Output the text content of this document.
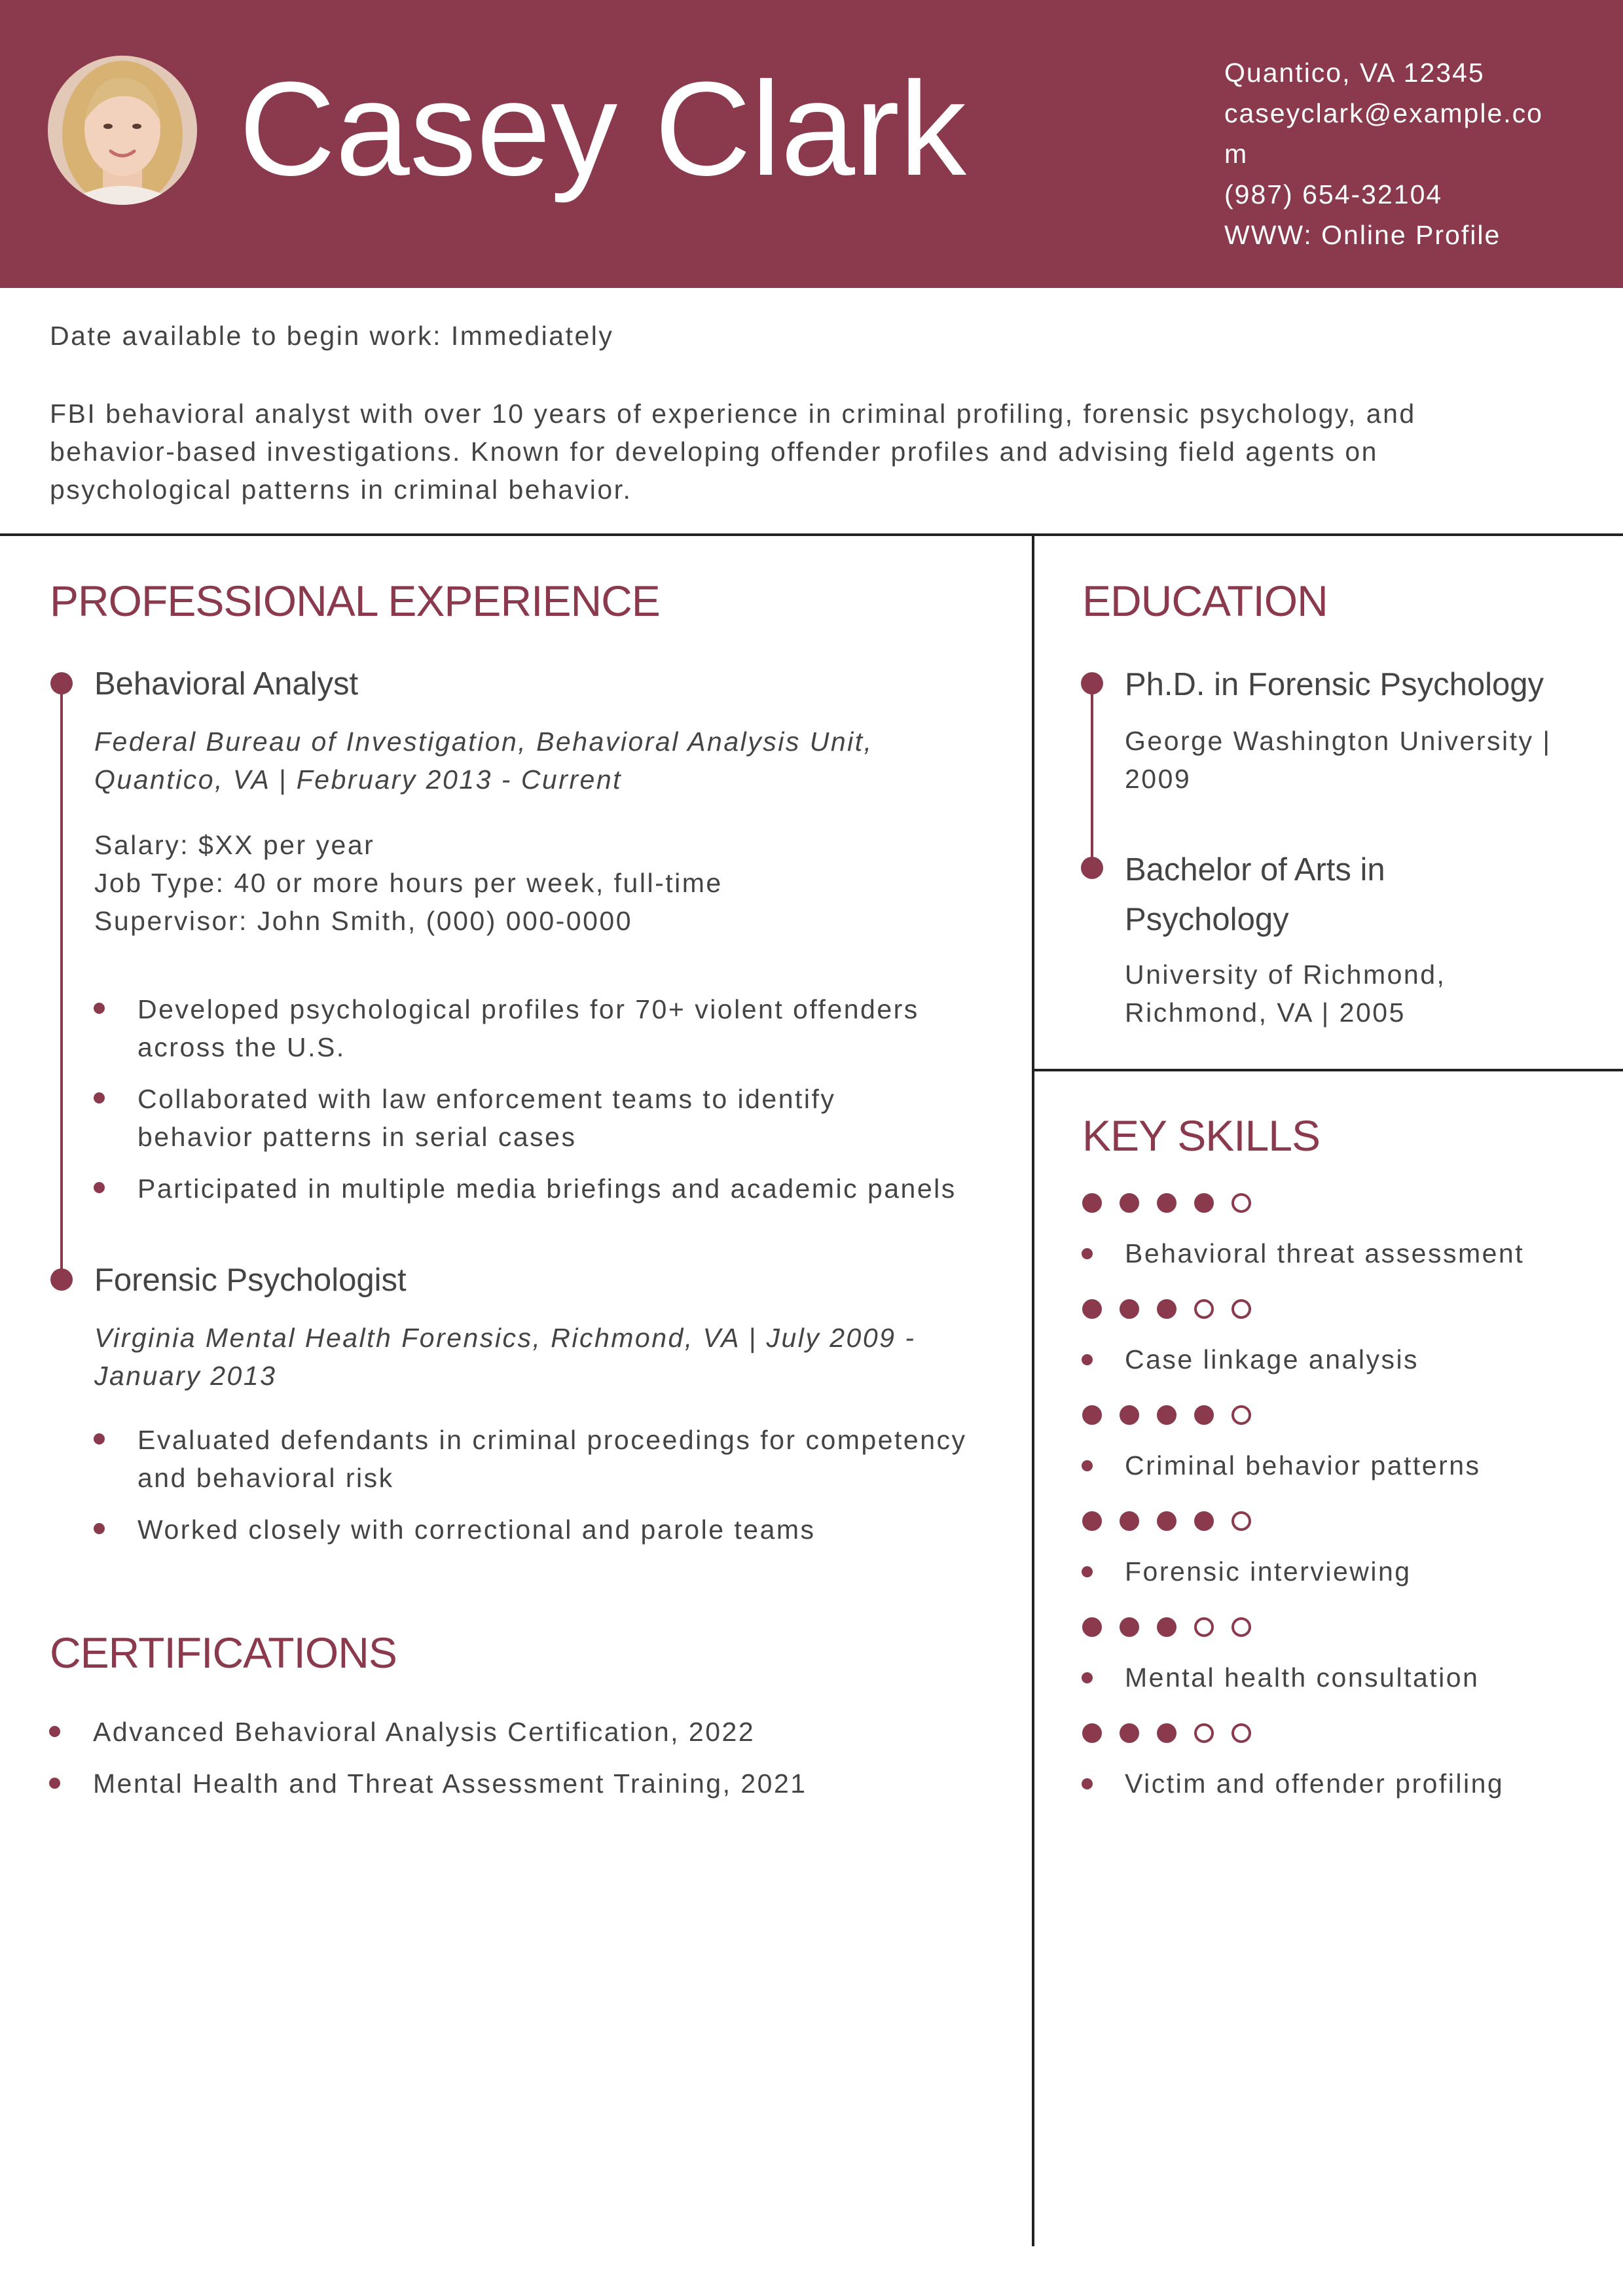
Casey Clark	Quantico, VA 12345
caseyclark@example.com
(987) 654-32104
WWW: Online Profile
Date available to begin work: Immediately
FBI behavioral analyst with over 10 years of experience in criminal profiling, forensic psychology, and behavior-based investigations. Known for developing offender profiles and advising field agents on psychological patterns in criminal behavior.
PROFESSIONAL EXPERIENCE
Behavioral Analyst
Federal Bureau of Investigation, Behavioral Analysis Unit,
Quantico, VA | February 2013 - Current
Salary: $XX per year
Job Type: 40 or more hours per week, full-time
Supervisor: John Smith, (000) 000-0000
Developed psychological profiles for 70+ violent offenders across the U.S.
Collaborated with law enforcement teams to identify behavior patterns in serial cases
Participated in multiple media briefings and academic panels
Forensic Psychologist
Virginia Mental Health Forensics, Richmond, VA | July 2009 -
January 2013
Evaluated defendants in criminal proceedings for competency and behavioral risk
Worked closely with correctional and parole teams
CERTIFICATIONS
Advanced Behavioral Analysis Certification, 2022
Mental Health and Threat Assessment Training, 2021
EDUCATION
Ph.D. in Forensic Psychology
George Washington University | 2009
Bachelor of Arts in Psychology
University of Richmond, Richmond, VA | 2005
KEY SKILLS
Behavioral threat assessment
Case linkage analysis
Criminal behavior patterns
Forensic interviewing
Mental health consultation
Victim and offender profiling
